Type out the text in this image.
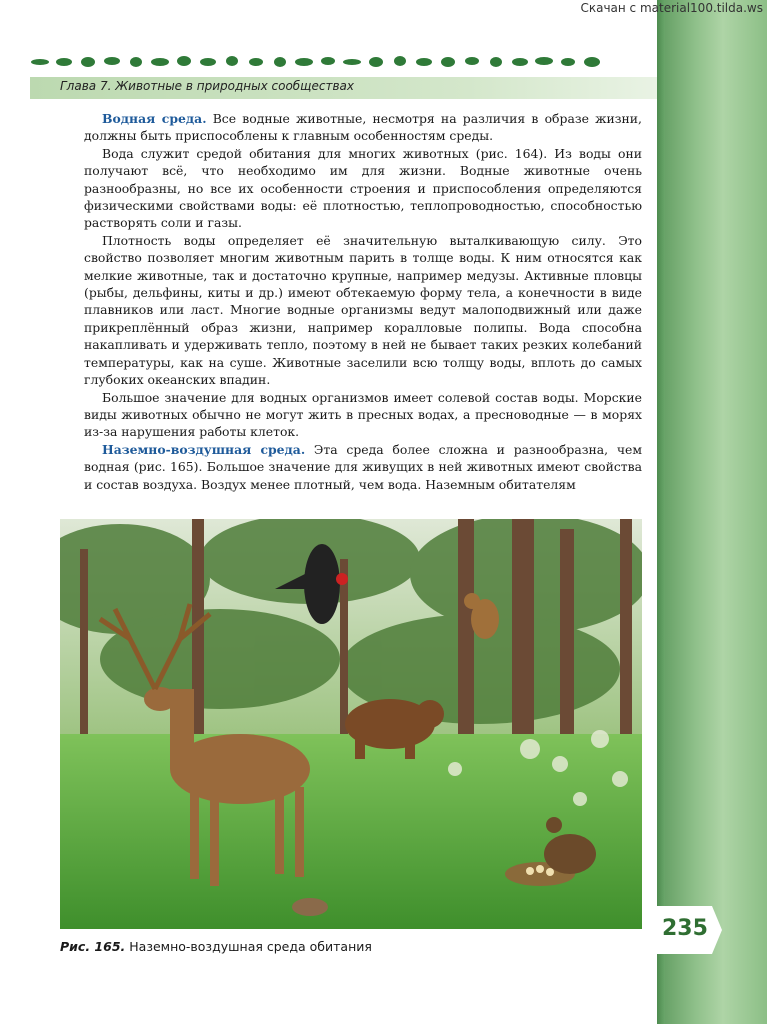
Скачан с material100.tilda.ws
Глава 7. Животные в природных сообществах

Водная среда. Все водные животные, несмотря на различия в образе жизни, должны быть приспособлены к главным особенностям среды.

Вода служит средой обитания для многих животных (рис. 164). Из воды они получают всё, что необходимо им для жизни. Водные животные очень разнообразны, но все их особенности строения и приспособления определяются физическими свойствами воды: её плотностью, теплопроводностью, способностью растворять соли и газы.

Плотность воды определяет её значительную выталкивающую силу. Это свойство позволяет многим животным парить в толще воды. К ним относятся как мелкие животные, так и достаточно крупные, например медузы. Активные пловцы (рыбы, дельфины, киты и др.) имеют обтекаемую форму тела, а конечности в виде плавников или ласт. Многие водные организмы ведут малоподвижный или даже прикреплённый образ жизни, например коралловые полипы. Вода способна накапливать и удерживать тепло, поэтому в ней не бывает таких резких колебаний температуры, как на суше. Животные заселили всю толщу воды, вплоть до самых глубоких океанских впадин.

Большое значение для водных организмов имеет солевой состав воды. Морские виды животных обычно не могут жить в пресных водах, а пресноводные — в морях из-за нарушения работы клеток.

Наземно-воздушная среда. Эта среда более сложна и разнообразна, чем водная (рис. 165). Большое значение для живущих в ней животных имеют свойства и состав воздуха. Воздух менее плотный, чем вода. Наземным обитателям

Рис. 165. Наземно-воздушная среда обитания
235
